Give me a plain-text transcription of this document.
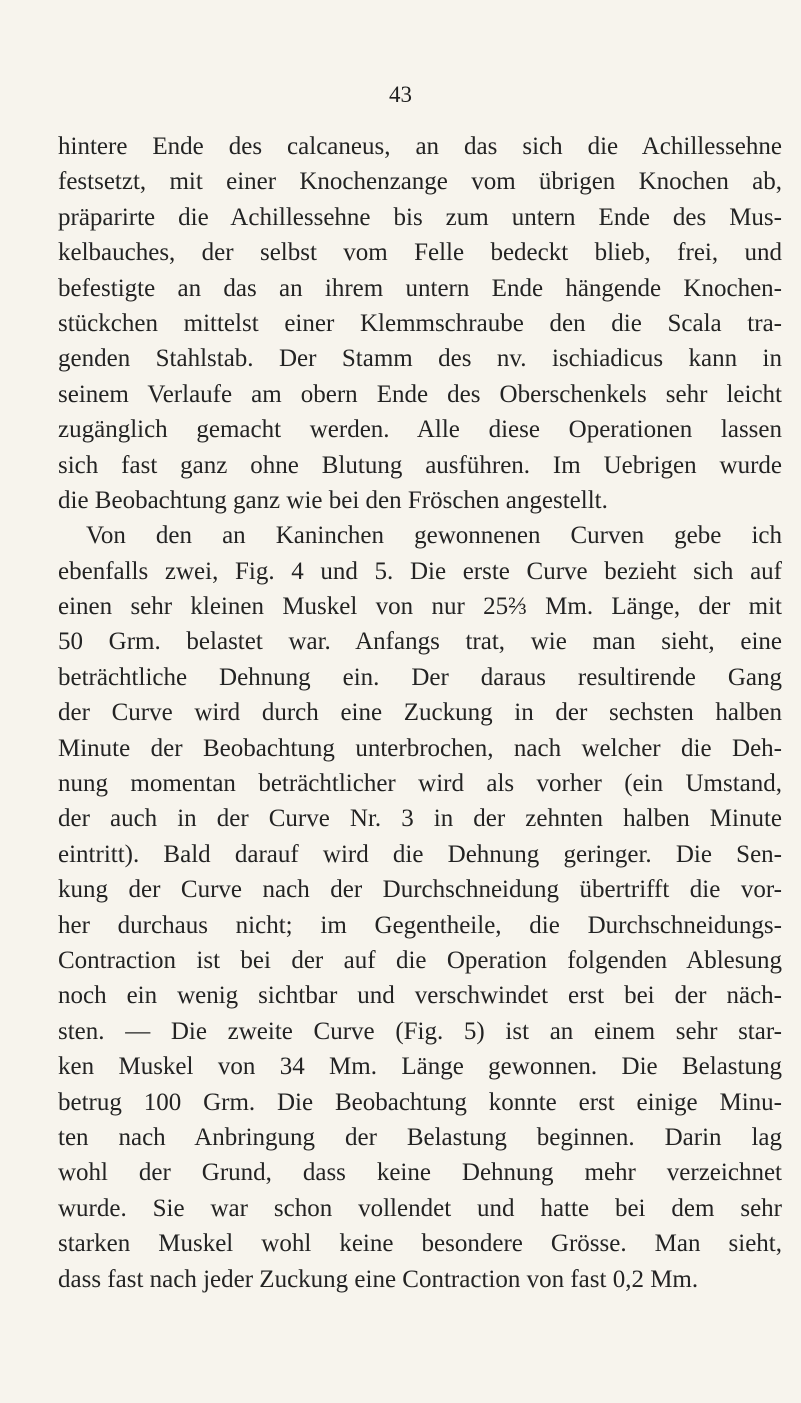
43
hintere Ende des calcaneus, an das sich die Achillessehne
festsetzt, mit einer Knochenzange vom übrigen Knochen ab,
präparirte die Achillessehne bis zum untern Ende des Mus-
kelbauches, der selbst vom Felle bedeckt blieb, frei, und
befestigte an das an ihrem untern Ende hängende Knochen-
stückchen mittelst einer Klemmschraube den die Scala tra-
genden Stahlstab. Der Stamm des nv. ischiadicus kann in
seinem Verlaufe am obern Ende des Oberschenkels sehr leicht
zugänglich gemacht werden. Alle diese Operationen lassen
sich fast ganz ohne Blutung ausführen. Im Uebrigen wurde
die Beobachtung ganz wie bei den Fröschen angestellt.
Von den an Kaninchen gewonnenen Curven gebe ich
ebenfalls zwei, Fig. 4 und 5. Die erste Curve bezieht sich auf
einen sehr kleinen Muskel von nur 25⅔ Mm. Länge, der mit
50 Grm. belastet war. Anfangs trat, wie man sieht, eine
beträchtliche Dehnung ein. Der daraus resultirende Gang
der Curve wird durch eine Zuckung in der sechsten halben
Minute der Beobachtung unterbrochen, nach welcher die Deh-
nung momentan beträchtlicher wird als vorher (ein Umstand,
der auch in der Curve Nr. 3 in der zehnten halben Minute
eintritt). Bald darauf wird die Dehnung geringer. Die Sen-
kung der Curve nach der Durchschneidung übertrifft die vor-
her durchaus nicht; im Gegentheile, die Durchschneidungs-
Contraction ist bei der auf die Operation folgenden Ablesung
noch ein wenig sichtbar und verschwindet erst bei der näch-
sten. — Die zweite Curve (Fig. 5) ist an einem sehr star-
ken Muskel von 34 Mm. Länge gewonnen. Die Belastung
betrug 100 Grm. Die Beobachtung konnte erst einige Minu-
ten nach Anbringung der Belastung beginnen. Darin lag
wohl der Grund, dass keine Dehnung mehr verzeichnet
wurde. Sie war schon vollendet und hatte bei dem sehr
starken Muskel wohl keine besondere Grösse. Man sieht,
dass fast nach jeder Zuckung eine Contraction von fast 0,2 Mm.
